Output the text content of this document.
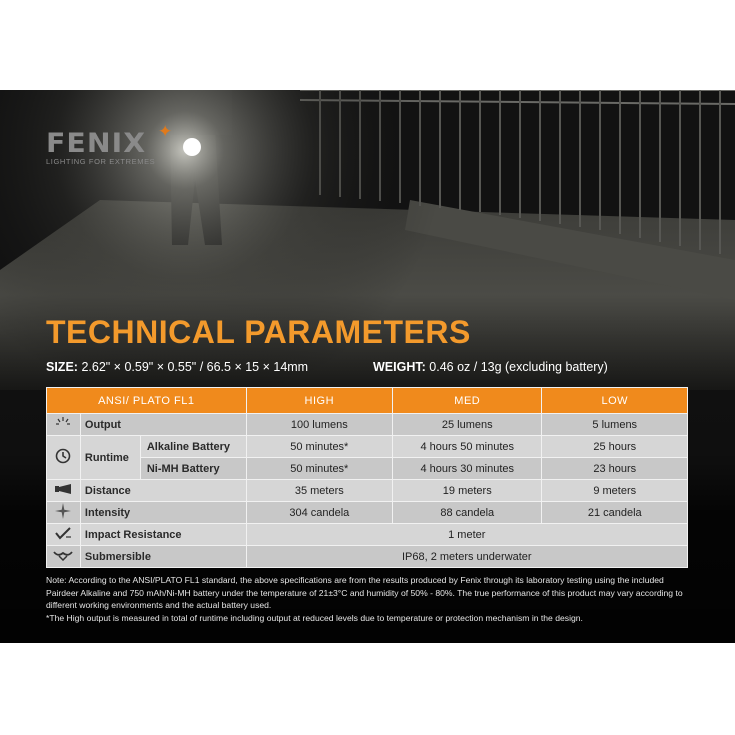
FENIX ✦
LIGHTING FOR EXTREMES
TECHNICAL PARAMETERS
SIZE: 2.62" × 0.59" × 0.55" / 66.5 × 15 × 14mm	WEIGHT: 0.46 oz / 13g (excluding battery)
ANSI/ PLATO FL1			HIGH	MED	LOW
	Output		100 lumens	25 lumens	5 lumens
	Runtime	Alkaline Battery	50 minutes*	4 hours 50 minutes	25 hours
		Ni-MH Battery	50 minutes*	4 hours 30 minutes	23 hours
	Distance		35 meters	19 meters	9 meters
	Intensity		304 candela	88 candela	21 candela
	Impact Resistance		1 meter		
	Submersible		IP68, 2 meters underwater		
Note: According to the ANSI/PLATO FL1 standard, the above specifications are from the results produced by Fenix through its laboratory testing using the included Pairdeer Alkaline and 750 mAh/Ni-MH battery under the temperature of 21±3°C and humidity of 50% - 80%. The true performance of this product may vary according to different working environments and the actual battery used.
*The High output is measured in total of runtime including output at reduced levels due to temperature or protection mechanism in the design.
